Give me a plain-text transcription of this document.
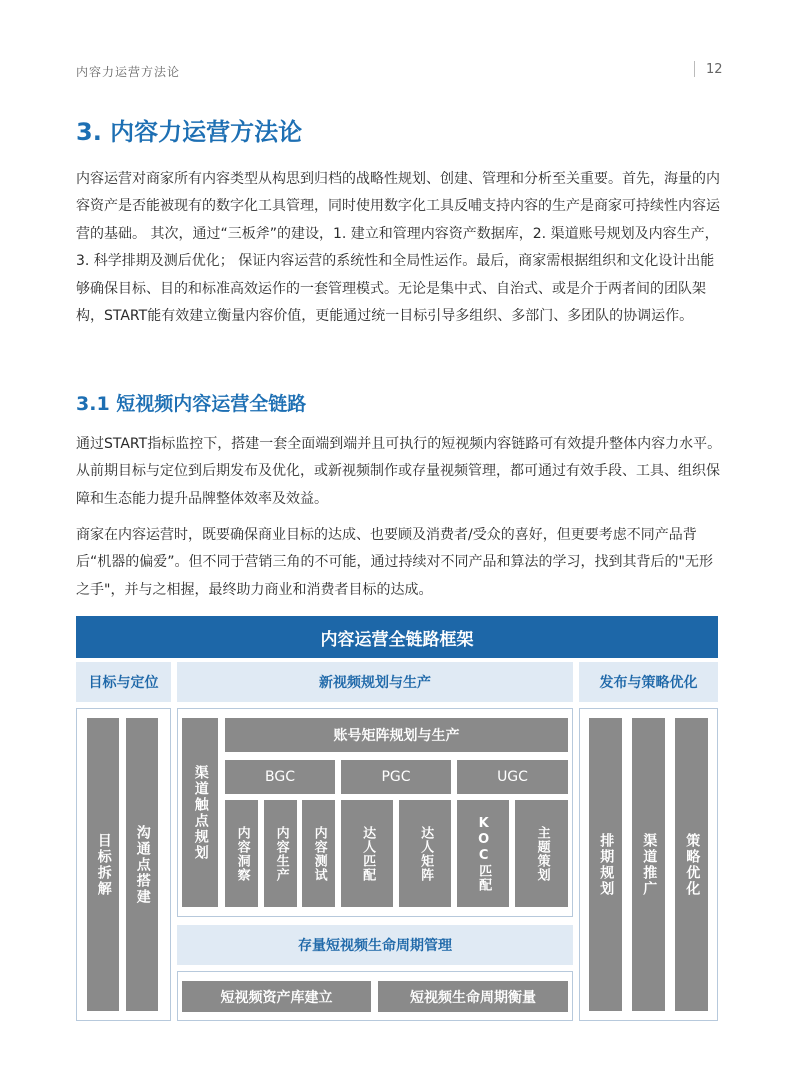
内容力运营方法论	12
3. 内容力运营方法论

内容运营对商家所有内容类型从构思到归档的战略性规划、创建、管理和分析至关重要。首先，海量的内容资产是否能被现有的数字化工具管理，同时使用数字化工具反哺支持内容的生产是商家可持续性内容运营的基础。 其次，通过“三板斧”的建设，1. 建立和管理内容资产数据库，2. 渠道账号规划及内容生产，3. 科学排期及测后优化； 保证内容运营的系统性和全局性运作。最后，商家需根据组织和文化设计出能够确保目标、目的和标准高效运作的一套管理模式。无论是集中式、自治式、或是介于两者间的团队架构，START能有效建立衡量内容价值，更能通过统一目标引导多组织、多部门、多团队的协调运作。

3.1 短视频内容运营全链路

通过START指标监控下，搭建一套全面端到端并且可执行的短视频内容链路可有效提升整体内容力水平。从前期目标与定位到后期发布及优化，或新视频制作或存量视频管理，都可通过有效手段、工具、组织保障和生态能力提升品牌整体效率及效益。

商家在内容运营时，既要确保商业目标的达成、也要顾及消费者/受众的喜好，但更要考虑不同产品背后“机器的偏爱”。但不同于营销三角的不可能，通过持续对不同产品和算法的学习，找到其背后的"无形之手"，并与之相握，最终助力商业和消费者目标的达成。

内容运营全链路框架
目标与定位	新视频规划与生产	发布与策略优化
目标拆解 沟通点搭建
渠道触点规划
账号矩阵规划与生产
BGC	PGC	UGC
内容洞察 内容生产 内容测试	达人匹配	达人矩阵	KOC匹配	主题策划
存量短视频生命周期管理
短视频资产库建立	短视频生命周期衡量
排期规划 渠道推广 策略优化
